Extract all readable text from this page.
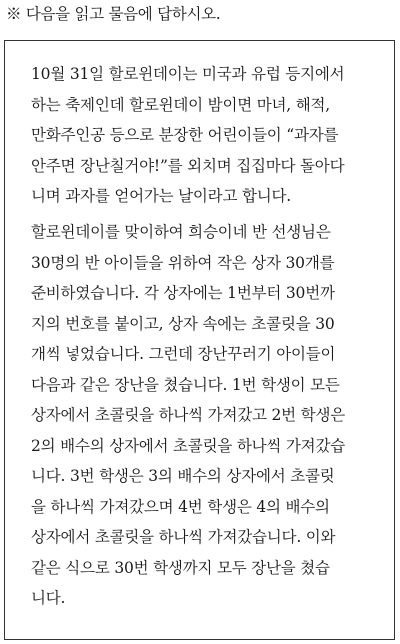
※ 다음을 읽고 물음에 답하시오.
10월 31일 할로윈데이는 미국과 유럽 등지에서
하는 축제인데 할로윈데이 밤이면 마녀, 해적,
만화주인공 등으로 분장한 어린이들이 “과자를
안주면 장난칠거야!”를 외치며 집집마다 돌아다
니며 과자를 얻어가는 날이라고 합니다.
할로윈데이를 맞이하여 희승이네 반 선생님은
30명의 반 아이들을 위하여 작은 상자 30개를
준비하였습니다. 각 상자에는 1번부터 30번까
지의 번호를 붙이고, 상자 속에는 초콜릿을 30
개씩 넣었습니다. 그런데 장난꾸러기 아이들이
다음과 같은 장난을 쳤습니다. 1번 학생이 모든
상자에서 초콜릿을 하나씩 가져갔고 2번 학생은
2의 배수의 상자에서 초콜릿을 하나씩 가져갔습
니다. 3번 학생은 3의 배수의 상자에서 초콜릿
을 하나씩 가져갔으며 4번 학생은 4의 배수의
상자에서 초콜릿을 하나씩 가져갔습니다. 이와
같은 식으로 30번 학생까지 모두 장난을 쳤습
니다.
